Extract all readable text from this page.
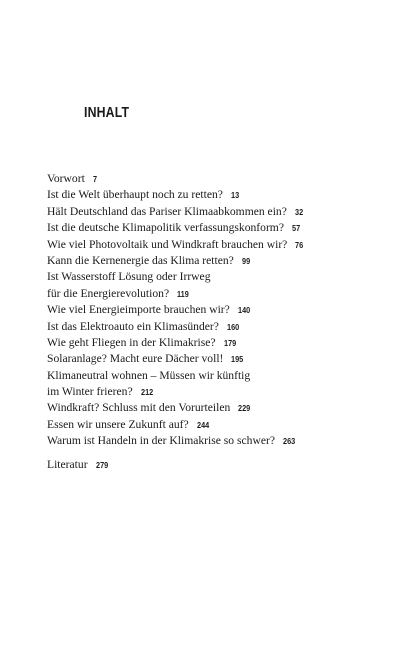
INHALT
Vorwort 7
Ist die Welt überhaupt noch zu retten? 13
Hält Deutschland das Pariser Klimaabkommen ein? 32
Ist die deutsche Klimapolitik verfassungskonform? 57
Wie viel Photovoltaik und Windkraft brauchen wir? 76
Kann die Kernenergie das Klima retten? 99
Ist Wasserstoff Lösung oder Irrweg
für die Energierevolution? 119
Wie viel Energieimporte brauchen wir? 140
Ist das Elektroauto ein Klimasünder? 160
Wie geht Fliegen in der Klimakrise? 179
Solaranlage? Macht eure Dächer voll! 195
Klimaneutral wohnen – Müssen wir künftig
im Winter frieren? 212
Windkraft? Schluss mit den Vorurteilen 229
Essen wir unsere Zukunft auf? 244
Warum ist Handeln in der Klimakrise so schwer? 263
Literatur 279
